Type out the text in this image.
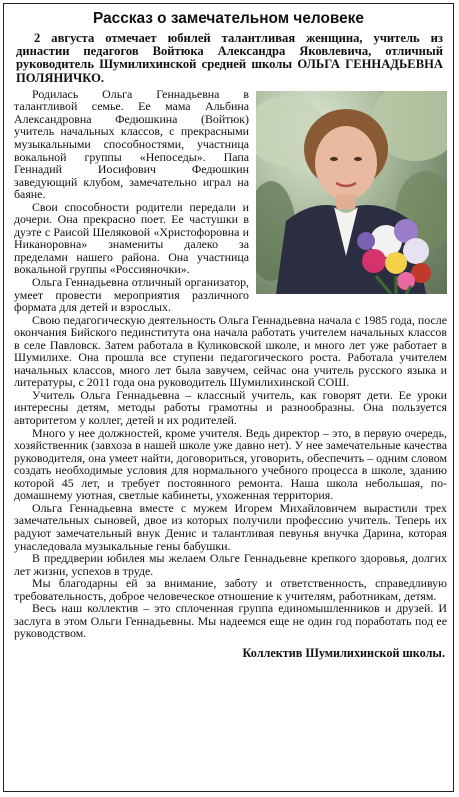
Рассказ о замечательном человеке
2 августа отмечает юбилей талантливая женщина, учитель из династии педагогов Войтюка Александра Яковлевича, отличный руководитель Шумилихинской средней школы ОЛЬГА ГЕННАДЬЕВНА ПОЛЯНИЧКО.

Родилась Ольга Геннадьевна в талантливой семье. Ее мама Альбина Александровна Федюшкина (Войтюк) учитель начальных классов, с прекрасными музыкальными способностями, участница вокальной группы «Непоседы». Папа Геннадий Иосифович Федюшкин заведующий клубом, замечательно играл на баяне.

Свои способности родители передали и дочери. Она прекрасно поет. Ее частушки в дуэте с Раисой Шеляковой «Христофоровна и Никаноровна» знамениты далеко за пределами нашего района. Она участница вокальной группы «Россияночки».

Ольга Геннадьевна отличный организатор, умеет провести мероприятия различного формата для детей и взрослых.

Свою педагогическую деятельность Ольга Геннадьевна начала с 1985 года, после окончания Бийского пединститута она начала работать учителем начальных классов в селе Павловск. Затем работала в Куликовской школе, и много лет уже работает в Шумилихе. Она прошла все ступени педагогического роста. Работала учителем начальных классов, много лет была завучем, сейчас она учитель русского языка и литературы, с 2011 года она руководитель Шумилихинской СОШ.

Учитель Ольга Геннадьевна – классный учитель, как говорят дети. Ее уроки интересны детям, методы работы грамотны и разнообразны. Она пользуется авторитетом у коллег, детей и их родителей.

Много у нее должностей, кроме учителя. Ведь директор – это, в первую очередь, хозяйственник (завхоза в нашей школе уже давно нет). У нее замечательные качества руководителя, она умеет найти, договориться, уговорить, обеспечить – одним словом создать необходимые условия для нормального учебного процесса в школе, зданию которой 45 лет, и требует постоянного ремонта. Наша школа небольшая, по-домашнему уютная, светлые кабинеты, ухоженная территория.

Ольга Геннадьевна вместе с мужем Игорем Михайловичем вырастили трех замечательных сыновей, двое из которых получили профессию учитель. Теперь их радуют замечательный внук Денис и талантливая певунья внучка Дарина, которая унаследовала музыкальные гены бабушки.

В преддверии юбилея мы желаем Ольге Геннадьевне крепкого здоровья, долгих лет жизни, успехов в труде.

Мы благодарны ей за внимание, заботу и ответственность, справедливую требовательность, доброе человеческое отношение к учителям, работникам, детям.

Весь наш коллектив – это сплоченная группа единомышленников и друзей. И заслуга в этом Ольги Геннадьевны. Мы надеемся еще не один год поработать под ее руководством.

Коллектив Шумилихинской школы.
